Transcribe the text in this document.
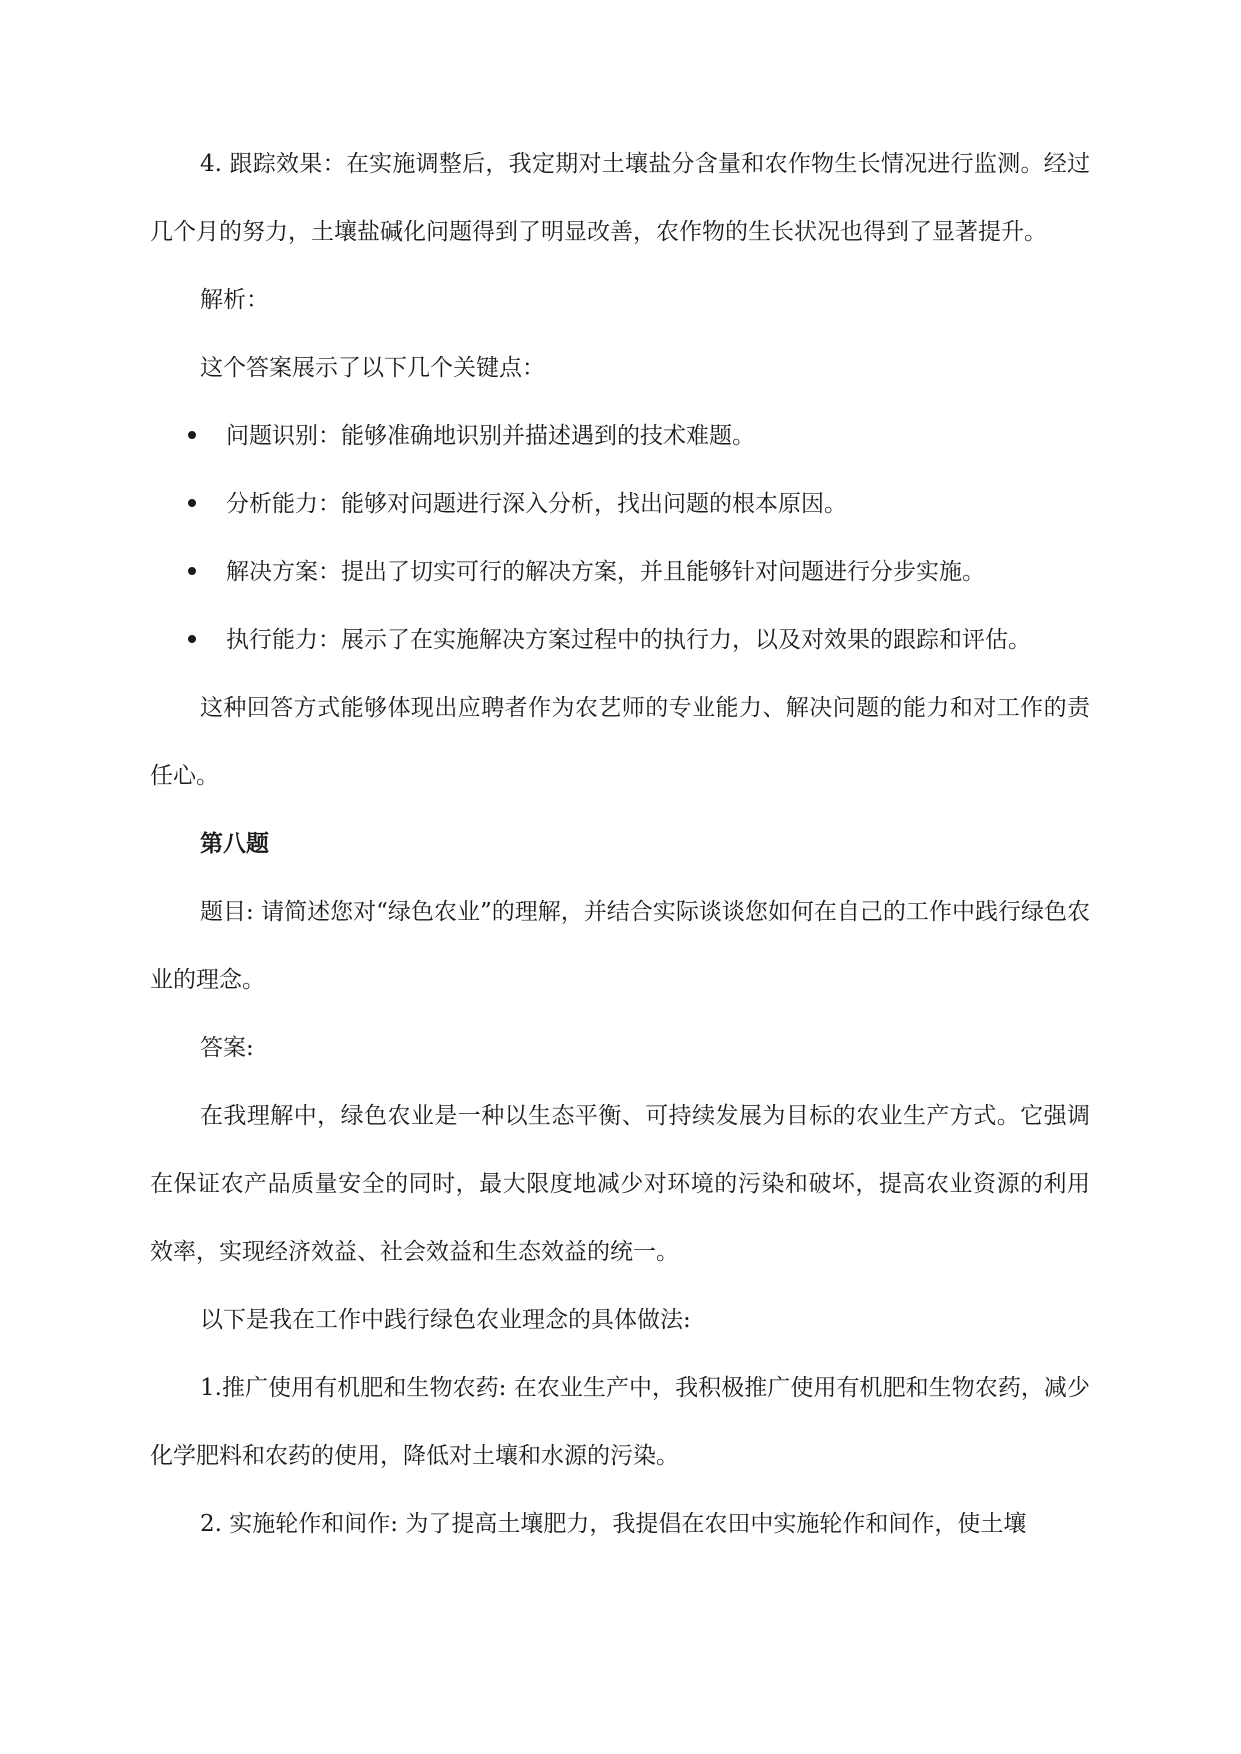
4. 跟踪效果：在实施调整后，我定期对土壤盐分含量和农作物生长情况进行监测。经过几个月的努力，土壤盐碱化问题得到了明显改善，农作物的生长状况也得到了显著提升。

解析：

这个答案展示了以下几个关键点：

问题识别：能够准确地识别并描述遇到的技术难题。
分析能力：能够对问题进行深入分析，找出问题的根本原因。
解决方案：提出了切实可行的解决方案，并且能够针对问题进行分步实施。
执行能力：展示了在实施解决方案过程中的执行力，以及对效果的跟踪和评估。

这种回答方式能够体现出应聘者作为农艺师的专业能力、解决问题的能力和对工作的责任心。

第八题

题目: 请简述您对“绿色农业”的理解，并结合实际谈谈您如何在自己的工作中践行绿色农业的理念。

答案:

在我理解中，绿色农业是一种以生态平衡、可持续发展为目标的农业生产方式。它强调在保证农产品质量安全的同时，最大限度地减少对环境的污染和破坏，提高农业资源的利用效率，实现经济效益、社会效益和生态效益的统一。

以下是我在工作中践行绿色农业理念的具体做法:

1.推广使用有机肥和生物农药: 在农业生产中，我积极推广使用有机肥和生物农药，减少化学肥料和农药的使用，降低对土壤和水源的污染。

2. 实施轮作和间作: 为了提高土壤肥力，我提倡在农田中实施轮作和间作，使土壤
